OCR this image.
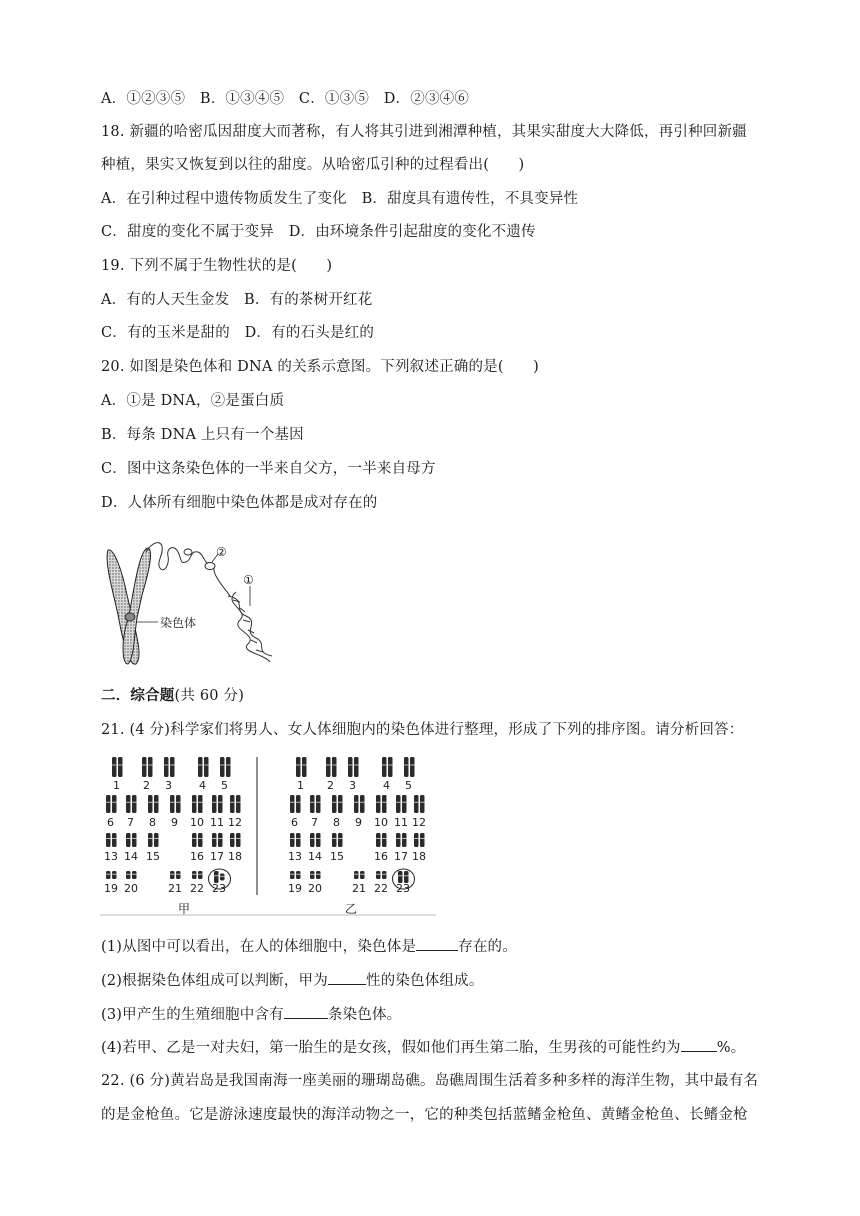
A．①②③⑤　B．①③④⑤　C．①③⑤　D．②③④⑥
18. 新疆的哈密瓜因甜度大而著称，有人将其引进到湘潭种植，其果实甜度大大降低，再引种回新疆
种植，果实又恢复到以往的甜度。从哈密瓜引种的过程看出(　　)
A．在引种过程中遗传物质发生了变化　B．甜度具有遗传性，不具变异性
C．甜度的变化不属于变异　D．由环境条件引起甜度的变化不遗传
19. 下列不属于生物性状的是(　　)
A．有的人天生金发　B．有的茶树开红花
C．有的玉米是甜的　D．有的石头是红的
20. 如图是染色体和 DNA 的关系示意图。下列叙述正确的是(　　)
A．①是 DNA，②是蛋白质
B．每条 DNA 上只有一个基因
C．图中这条染色体的一半来自父方，一半来自母方
D．人体所有细胞中染色体都是成对存在的
染色体
②
①
二．综合题(共 60 分)
21. (4 分)科学家们将男人、女人体细胞内的染色体进行整理，形成了下列的排序图。请分析回答：
1 2 3 4 5
6 7 8 9 10 11 12
13 14 15	16 17 18
19 20	21 22 23
1 2 3 4 5
6 7 8 9 10 11 12
13 14 15	16 17 18
19 20	21 22 23
甲	乙
(1)从图中可以看出，在人的体细胞中，染色体是	存在的。
(2)根据染色体组成可以判断，甲为	性的染色体组成。
(3)甲产生的生殖细胞中含有	条染色体。
(4)若甲、乙是一对夫妇，第一胎生的是女孩，假如他们再生第二胎，生男孩的可能性约为 %。
22. (6 分)黄岩岛是我国南海一座美丽的珊瑚岛礁。岛礁周围生活着多种多样的海洋生物，其中最有名
的是金枪鱼。它是游泳速度最快的海洋动物之一，它的种类包括蓝鳍金枪鱼、黄鳍金枪鱼、长鳍金枪
